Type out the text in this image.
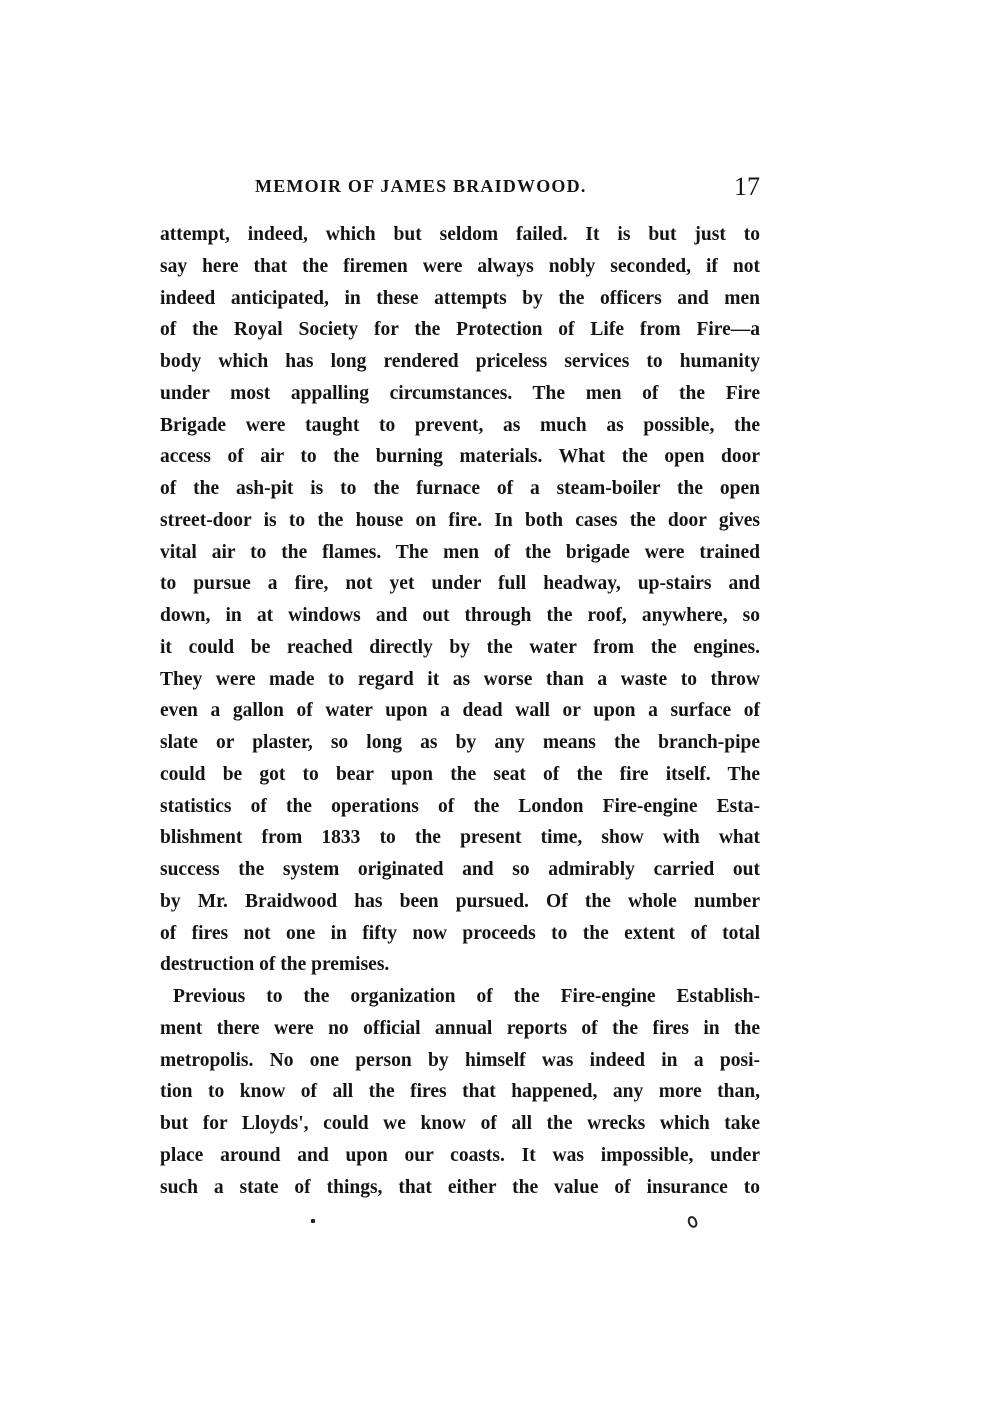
MEMOIR OF JAMES BRAIDWOOD.	17
attempt, indeed, which but seldom failed. It is but just to
say here that the firemen were always nobly seconded, if not
indeed anticipated, in these attempts by the officers and men
of the Royal Society for the Protection of Life from Fire—a
body which has long rendered priceless services to humanity
under most appalling circumstances. The men of the Fire
Brigade were taught to prevent, as much as possible, the
access of air to the burning materials. What the open door
of the ash-pit is to the furnace of a steam-boiler the open
street-door is to the house on fire. In both cases the door gives
vital air to the flames. The men of the brigade were trained
to pursue a fire, not yet under full headway, up-stairs and
down, in at windows and out through the roof, anywhere, so
it could be reached directly by the water from the engines.
They were made to regard it as worse than a waste to throw
even a gallon of water upon a dead wall or upon a surface of
slate or plaster, so long as by any means the branch-pipe
could be got to bear upon the seat of the fire itself. The
statistics of the operations of the London Fire-engine Esta-
blishment from 1833 to the present time, show with what
success the system originated and so admirably carried out
by Mr. Braidwood has been pursued. Of the whole number
of fires not one in fifty now proceeds to the extent of total
destruction of the premises.
Previous to the organization of the Fire-engine Establish-
ment there were no official annual reports of the fires in the
metropolis. No one person by himself was indeed in a posi-
tion to know of all the fires that happened, any more than,
but for Lloyds', could we know of all the wrecks which take
place around and upon our coasts. It was impossible, under
such a state of things, that either the value of insurance to
